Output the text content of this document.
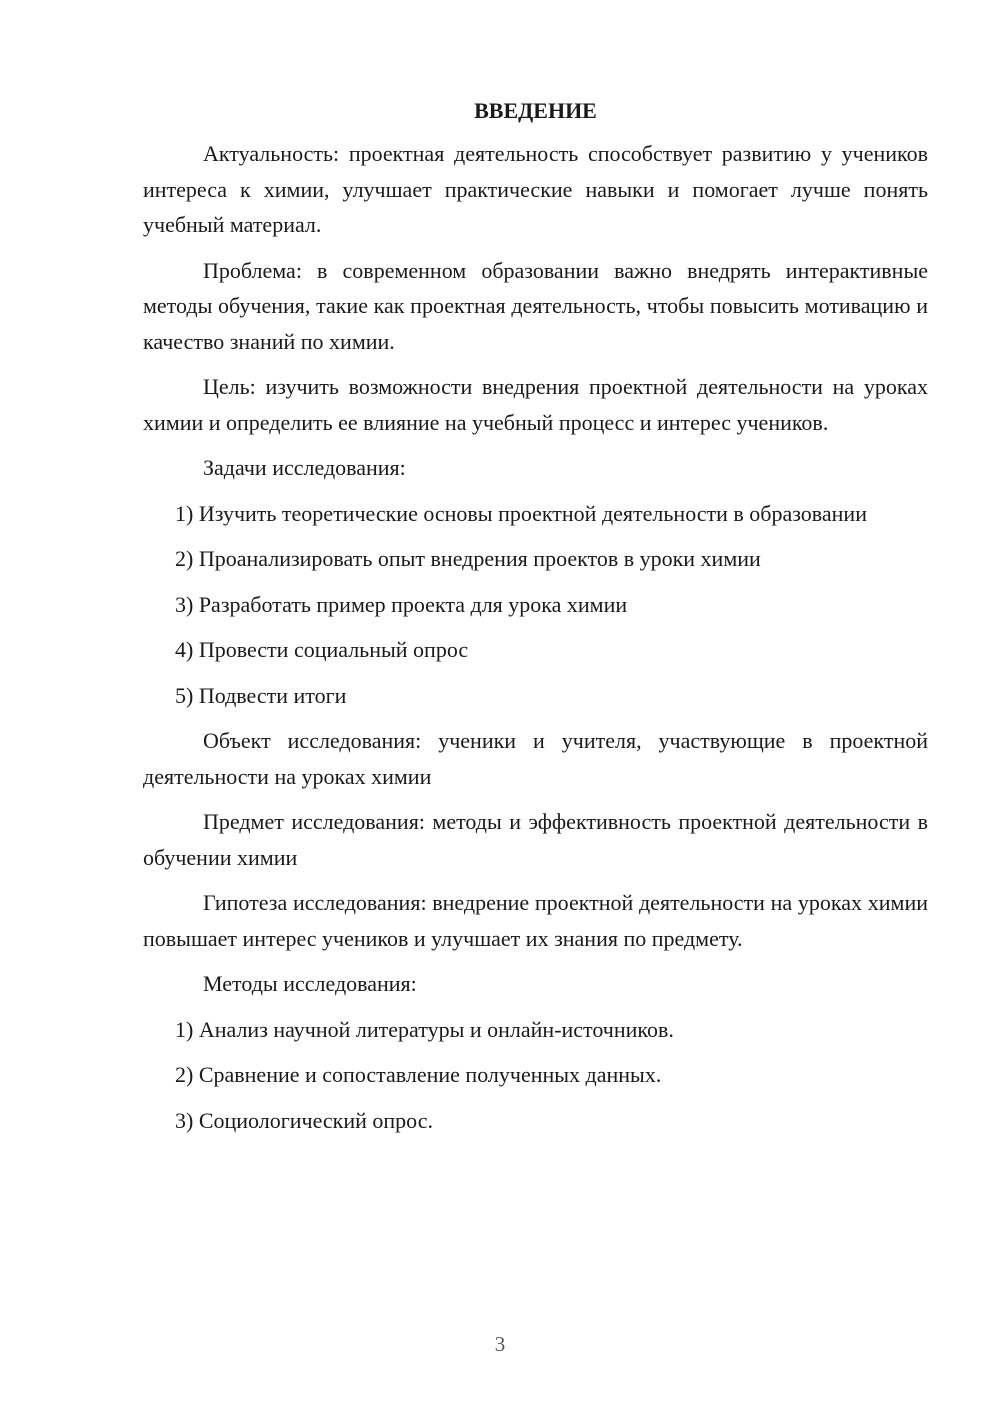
ВВЕДЕНИЕ

Актуальность: проектная деятельность способствует развитию у учеников интереса к химии, улучшает практические навыки и помогает лучше понять учебный материал.

Проблема: в современном образовании важно внедрять интерактивные методы обучения, такие как проектная деятельность, чтобы повысить мотивацию и качество знаний по химии.

Цель: изучить возможности внедрения проектной деятельности на уроках химии и определить ее влияние на учебный процесс и интерес учеников.

Задачи исследования:

1) Изучить теоретические основы проектной деятельности в образовании

2) Проанализировать опыт внедрения проектов в уроки химии

3) Разработать пример проекта для урока химии

4) Провести социальный опрос

5) Подвести итоги

Объект исследования: ученики и учителя, участвующие в проектной деятельности на уроках химии

Предмет исследования: методы и эффективность проектной деятельности в обучении химии

Гипотеза исследования: внедрение проектной деятельности на уроках химии повышает интерес учеников и улучшает их знания по предмету.

Методы исследования:

1) Анализ научной литературы и онлайн-источников.

2) Сравнение и сопоставление полученных данных.

3) Социологический опрос.

3
